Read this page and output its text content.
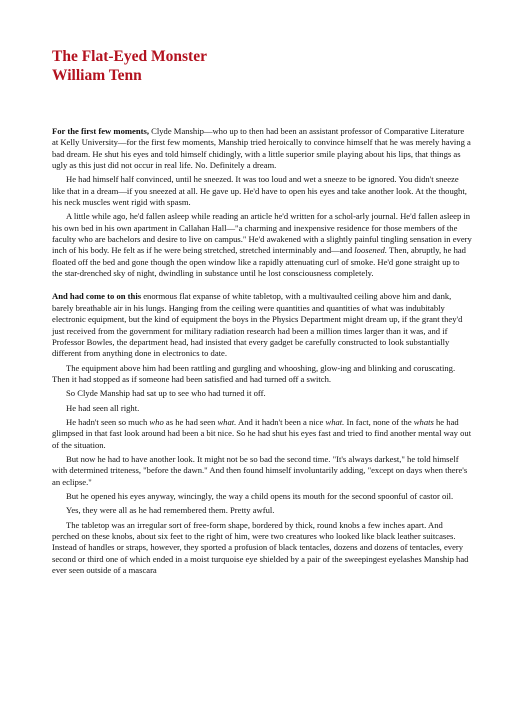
The Flat-Eyed Monster
William Tenn

For the first few moments, Clyde Manship—who up to then had been an assistant professor of Comparative Literature at Kelly University—for the first few moments, Manship tried heroically to convince himself that he was merely having a bad dream. He shut his eyes and told himself chidingly, with a little superior smile playing about his lips, that things as ugly as this just did not occur in real life. No. Definitely a dream.

He had himself half convinced, until he sneezed. It was too loud and wet a sneeze to be ignored. You didn't sneeze like that in a dream—if you sneezed at all. He gave up. He'd have to open his eyes and take another look. At the thought, his neck muscles went rigid with spasm.

A little while ago, he'd fallen asleep while reading an article he'd written for a schol-arly journal. He'd fallen asleep in his own bed in his own apartment in Callahan Hall—"a charming and inexpensive residence for those members of the faculty who are bachelors and desire to live on campus." He'd awakened with a slightly painful tingling sensation in every inch of his body. He felt as if he were being stretched, stretched interminably and—and loosened. Then, abruptly, he had floated off the bed and gone though the open window like a rapidly attenuating curl of smoke. He'd gone straight up to the star-drenched sky of night, dwindling in substance until he lost consciousness completely.

And had come to on this enormous flat expanse of white tabletop, with a multivaulted ceiling above him and dank, barely breathable air in his lungs. Hanging from the ceiling were quantities and quantities of what was indubitably electronic equipment, but the kind of equipment the boys in the Physics Department might dream up, if the grant they'd just received from the government for military radiation research had been a million times larger than it was, and if Professor Bowles, the department head, had insisted that every gadget be carefully constructed to look substantially different from anything done in electronics to date.

The equipment above him had been rattling and gurgling and whooshing, glow-ing and blinking and coruscating. Then it had stopped as if someone had been satisfied and had turned off a switch.

So Clyde Manship had sat up to see who had turned it off.

He had seen all right.

He hadn't seen so much who as he had seen what. And it hadn't been a nice what. In fact, none of the whats he had glimpsed in that fast look around had been a bit nice. So he had shut his eyes fast and tried to find another mental way out of the situation.

But now he had to have another look. It might not be so bad the second time. "It's always darkest," he told himself with determined triteness, "before the dawn." And then found himself involuntarily adding, "except on days when there's an eclipse."

But he opened his eyes anyway, wincingly, the way a child opens its mouth for the second spoonful of castor oil.

Yes, they were all as he had remembered them. Pretty awful.

The tabletop was an irregular sort of free-form shape, bordered by thick, round knobs a few inches apart. And perched on these knobs, about six feet to the right of him, were two creatures who looked like black leather suitcases. Instead of handles or straps, however, they sported a profusion of black tentacles, dozens and dozens of tentacles, every second or third one of which ended in a moist turquoise eye shielded by a pair of the sweepingest eyelashes Manship had ever seen outside of a mascara
